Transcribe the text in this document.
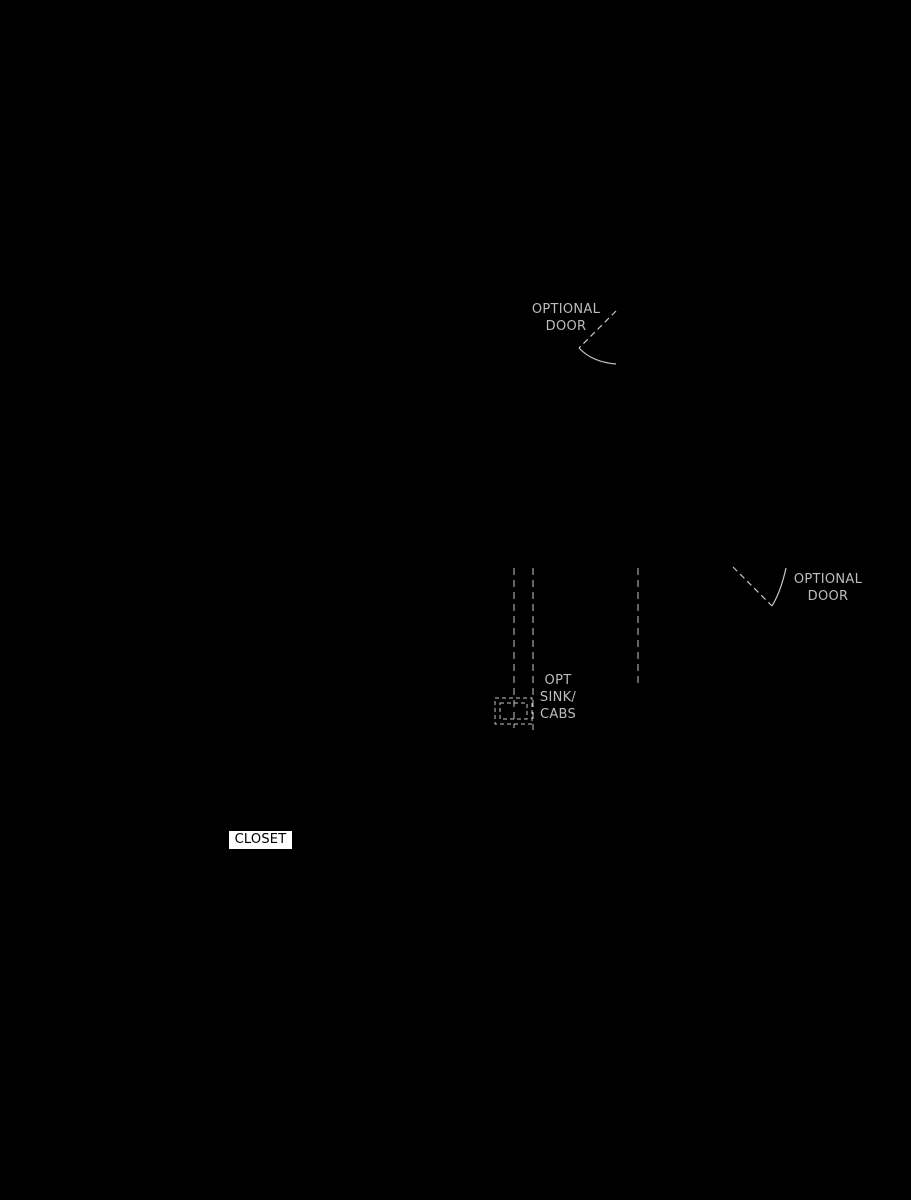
OPTIONAL
DOOR
OPTIONAL
DOOR
OPT
SINK/
CABS
CLOSET
